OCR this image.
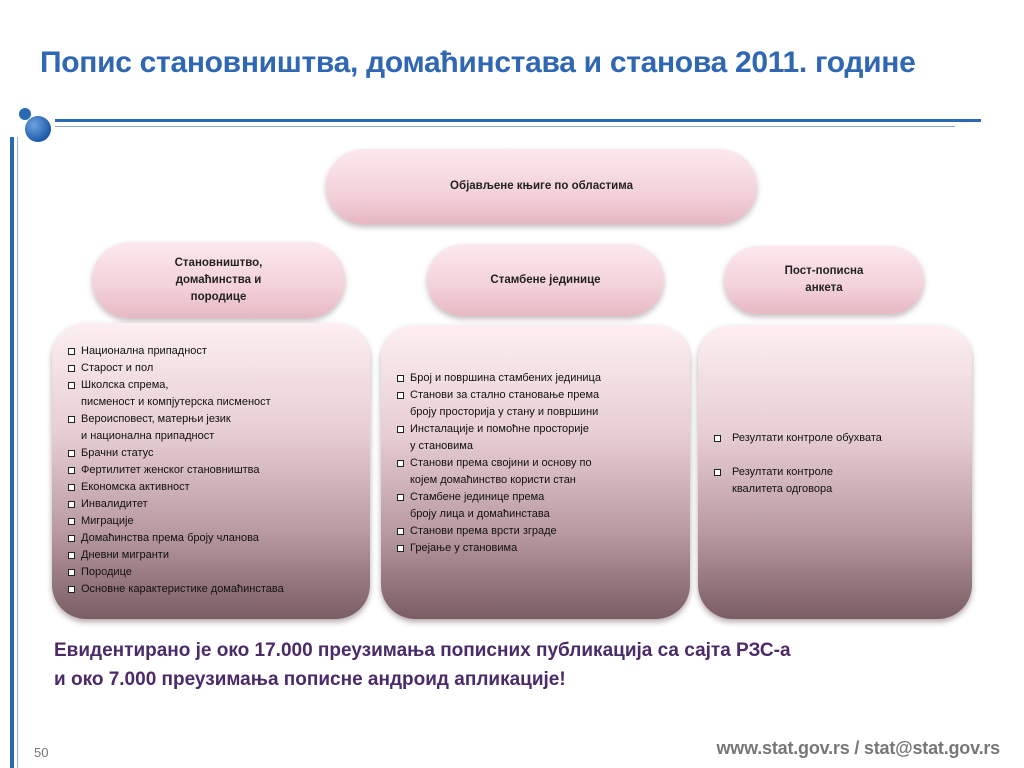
Попис становништва, домаћинстава и станова 2011. године
Објављене књиге по областима
Становништво,
домаћинства и
породице
Стамбене јединице
Пост-пописна
анкета
Национална припадност
Старост и пол
Школска спрема,
писменост и компјутерска писменост
Вероисповест, матерњи језик
и национална припадност
Брачни статус
Фертилитет женског становништва
Економска активност
Инвалидитет
Миграције
Домаћинства према броју чланова
Дневни мигранти
Породице
Основне карактеристике домаћинстава
Број и површина стамбених јединица
Станови за стално становање према
броју просторија у стану и површини
Инсталације и помоћне просторије
у становима
Станови према својини и основу по
којем домаћинство користи стан
Стамбене јединице према
броју лица и домаћинстава
Станови према врсти зграде
Грејање у становима
Резултати контроле обухвата
Резултати контроле
квалитета одговора
Евидентирано је око 17.000 преузимања пописних публикација са сајта РЗС-а
и око 7.000 преузимања пописне андроид апликације!
50	www.stat.gov.rs / stat@stat.gov.rs
